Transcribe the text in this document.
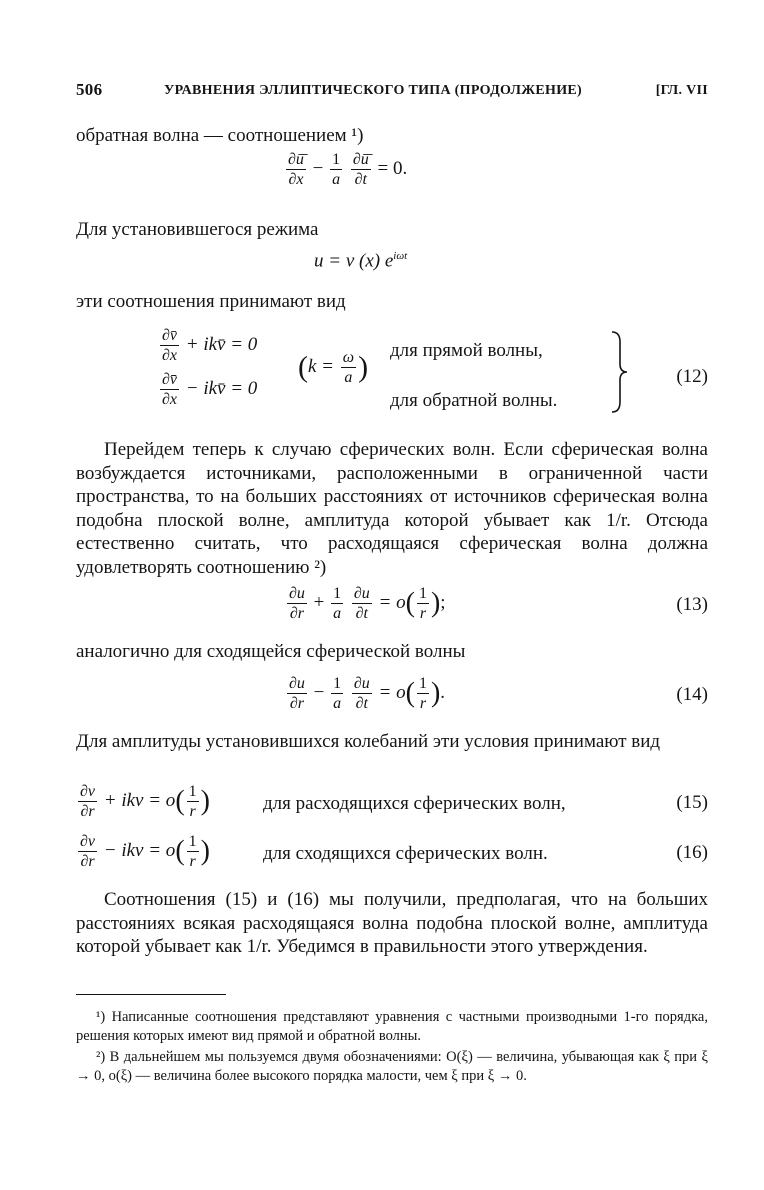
506	УРАВНЕНИЯ ЭЛЛИПТИЧЕСКОГО ТИПА (ПРОДОЛЖЕНИЕ)	[ГЛ. VII
обратная волна — соотношением ¹)
$\frac{\partial ū̄}{\partial x} - \frac{1}{a}$
$\frac{\partial ū̄}{\partial t} = 0$.
Для установившегося режима
u = v (x) $e^{i\omega t}$
эти соотношения принимают вид
$\frac{\partial v̄}{\partial x}$ + ikv̄ = 0
$\frac{\partial v̄̄}{\partial x}$ − ikv̄ = 0
($k = \frac{\omega}{a}$ ) для прямой волны,
для обратной волны.
(12)
Перейдем теперь к случаю сферических волн. Если сферическая волна возбуждается источниками, расположенными в ограниченной части пространства, то на больших расстояниях от источников сферическая волна подобна плоской волне, амплитуда которой убывает как 1/r. Отсюда естественно считать, что расходящаяся сферическая волна должна удовлетворять соотношению ²)
$\frac{\partial u}{\partial r} + \frac{1}{a}$
$\frac{\partial u}{\partial t} = o( \frac{1}{r}$ );	(13)
аналогично для сходящейся сферической волны
$\frac{\partial u}{\partial r} - \frac{1}{a}$
$\frac{\partial u}{\partial t} = o( \frac{1}{r}$ ).	(14)
Для амплитуды установившихся колебаний эти условия принимают вид
$\frac{\partial v}{\partial r}$ + ikv = $o( \frac{1}{r}$ )	для расходящихся сферических волн,	(15)
$\frac{\partial v}{\partial r}$ − ikv = $o( \frac{1}{r}$ )	для сходящихся сферических волн.	(16)
Соотношения (15) и (16) мы получили, предполагая, что на больших расстояниях всякая расходящаяся волна подобна плоской волне, амплитуда которой убывает как 1/r. Убедимся в правильности этого утверждения.
¹) Написанные соотношения представляют уравнения с частными производными 1-го порядка, решения которых имеют вид прямой и обратной волны.
²) В дальнейшем мы пользуемся двумя обозначениями: O(ξ) — величина, убывающая как ξ при ξ → 0, o(ξ) — величина более высокого порядка малости, чем ξ при ξ → 0.
